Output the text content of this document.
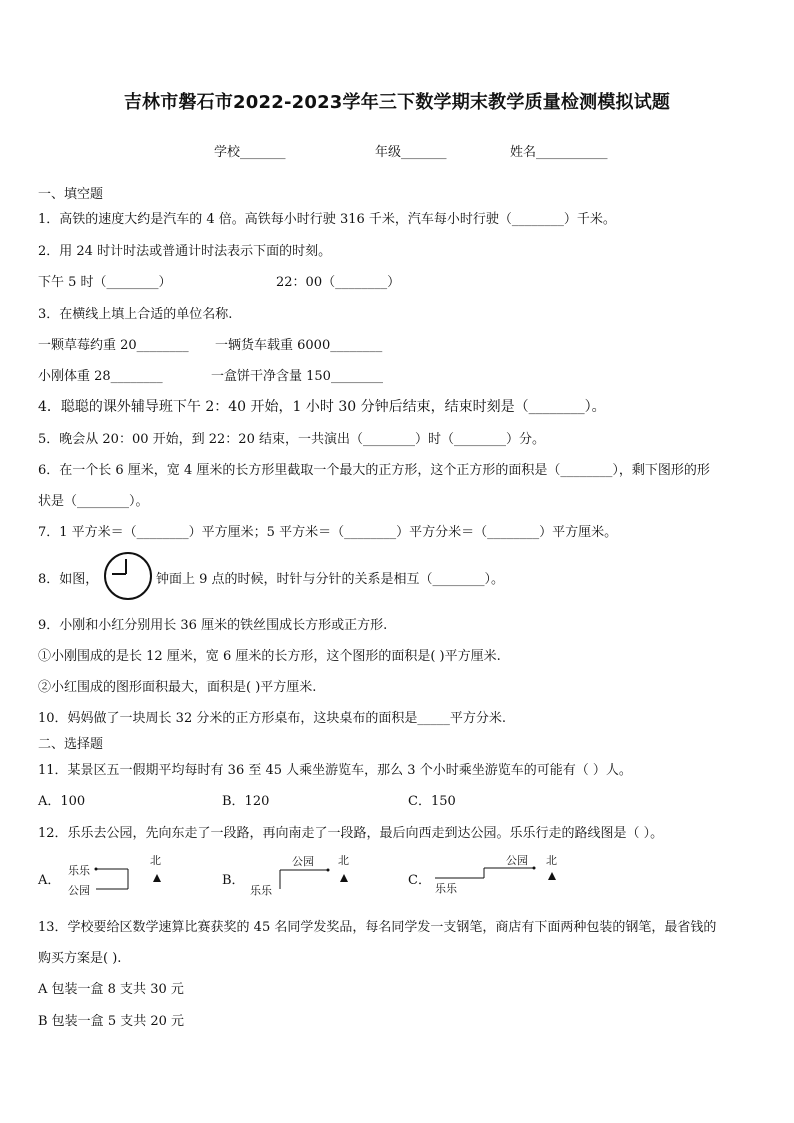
吉林市磐石市2022-2023学年三下数学期末教学质量检测模拟试题
学校_______	年级_______	姓名___________
一、填空题
1．高铁的速度大约是汽车的 4 倍。高铁每小时行驶 316 千米，汽车每小时行驶（________）千米。
2．用 24 时计时法或普通计时法表示下面的时刻。
下午 5 时（________）	22：00（________）
3．在横线上填上合适的单位名称.
一颗草莓约重 20________ 一辆货车载重 6000________
小刚体重 28________	一盒饼干净含量 150________
4．聪聪的课外辅导班下午 2：40 开始，1 小时 30 分钟后结束，结束时刻是（________）。
5．晚会从 20：00 开始，到 22：20 结束，一共演出（________）时（________）分。
6．在一个长 6 厘米，宽 4 厘米的长方形里截取一个最大的正方形，这个正方形的面积是（________），剩下图形的形
状是（________）。
7．1 平方米＝（________）平方厘米；5 平方米＝（________）平方分米＝（________）平方厘米。
8．如图，	钟面上 9 点的时候，时针与分针的关系是相互（________）。
9．小刚和小红分别用长 36 厘米的铁丝围成长方形或正方形.
①小刚围成的是长 12 厘米，宽 6 厘米的长方形，这个图形的面积是( )平方厘米.
②小红围成的图形面积最大，面积是( )平方厘米.
10．妈妈做了一块周长 32 分米的正方形桌布，这块桌布的面积是_____平方分米.
二、选择题
11．某景区五一假期平均每时有 36 至 45 人乘坐游览车，那么 3 个小时乘坐游览车的可能有（ ）人。
A．100	B．120	C．150
12．乐乐去公园，先向东走了一段路，再向南走了一段路，最后向西走到达公园。乐乐行走的路线图是（ ）。
A．
乐乐
公园
北
B．
公园
乐乐
北
C．
公园
乐乐
北
13．学校要给区数学速算比赛获奖的 45 名同学发奖品，每名同学发一支钢笔，商店有下面两种包装的钢笔，最省钱的
购买方案是( ).
A 包装一盒 8 支共 30 元
B 包装一盒 5 支共 20 元
